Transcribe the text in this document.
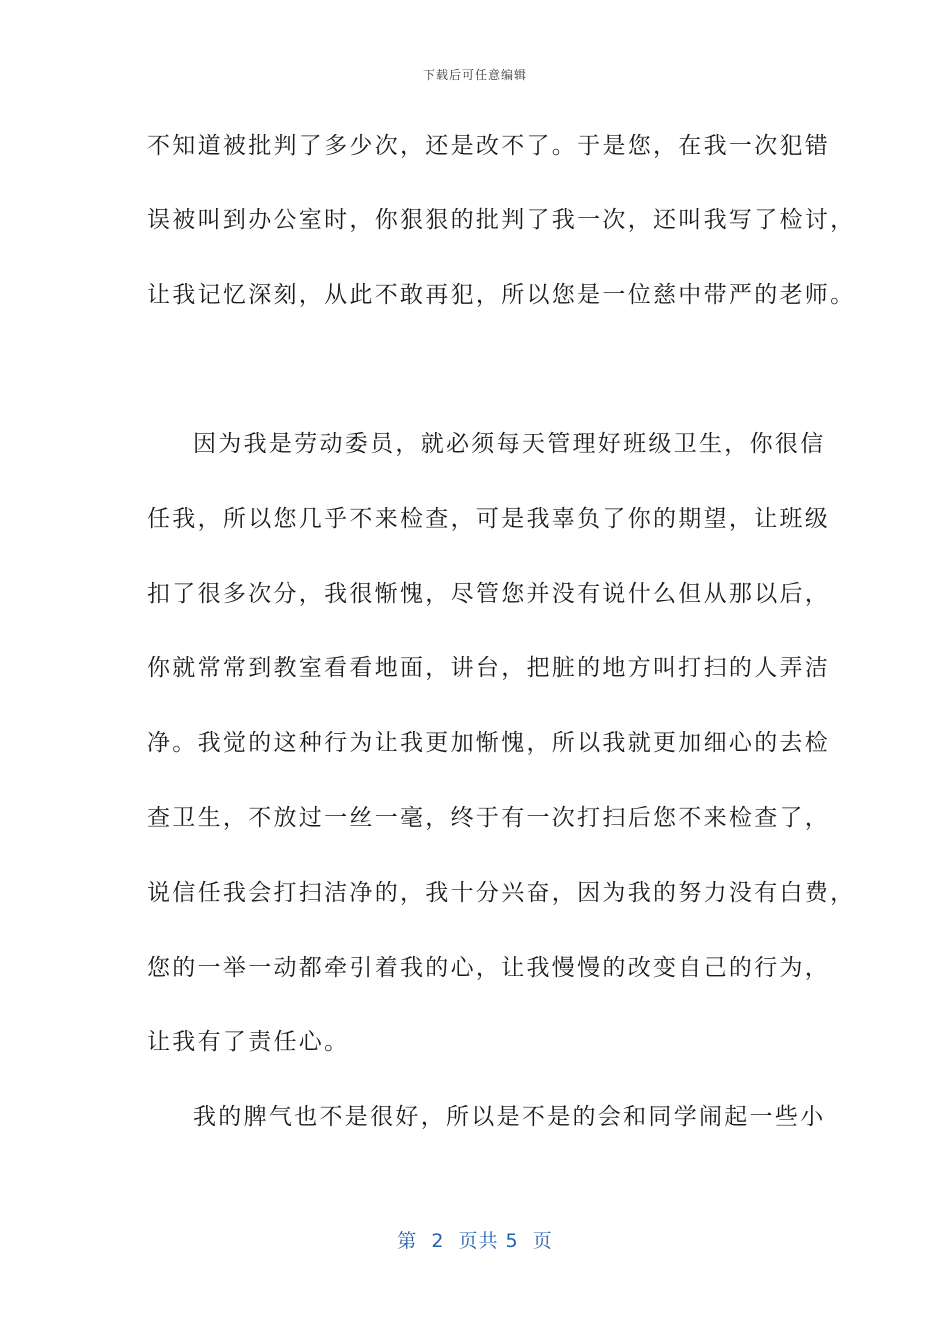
下载后可任意编辑
不知道被批判了多少次，还是改不了。于是您，在我一次犯错
误被叫到办公室时，你狠狠的批判了我一次，还叫我写了检讨，
让我记忆深刻，从此不敢再犯，所以您是一位慈中带严的老师。
因为我是劳动委员，就必须每天管理好班级卫生，你很信
任我，所以您几乎不来检查，可是我辜负了你的期望，让班级
扣了很多次分，我很惭愧，尽管您并没有说什么但从那以后，
你就常常到教室看看地面，讲台，把脏的地方叫打扫的人弄洁
净。我觉的这种行为让我更加惭愧，所以我就更加细心的去检
查卫生，不放过一丝一毫，终于有一次打扫后您不来检查了，
说信任我会打扫洁净的，我十分兴奋，因为我的努力没有白费，
您的一举一动都牵引着我的心，让我慢慢的改变自己的行为，
让我有了责任心。
我的脾气也不是很好，所以是不是的会和同学闹起一些小
第  2  页共 5  页
